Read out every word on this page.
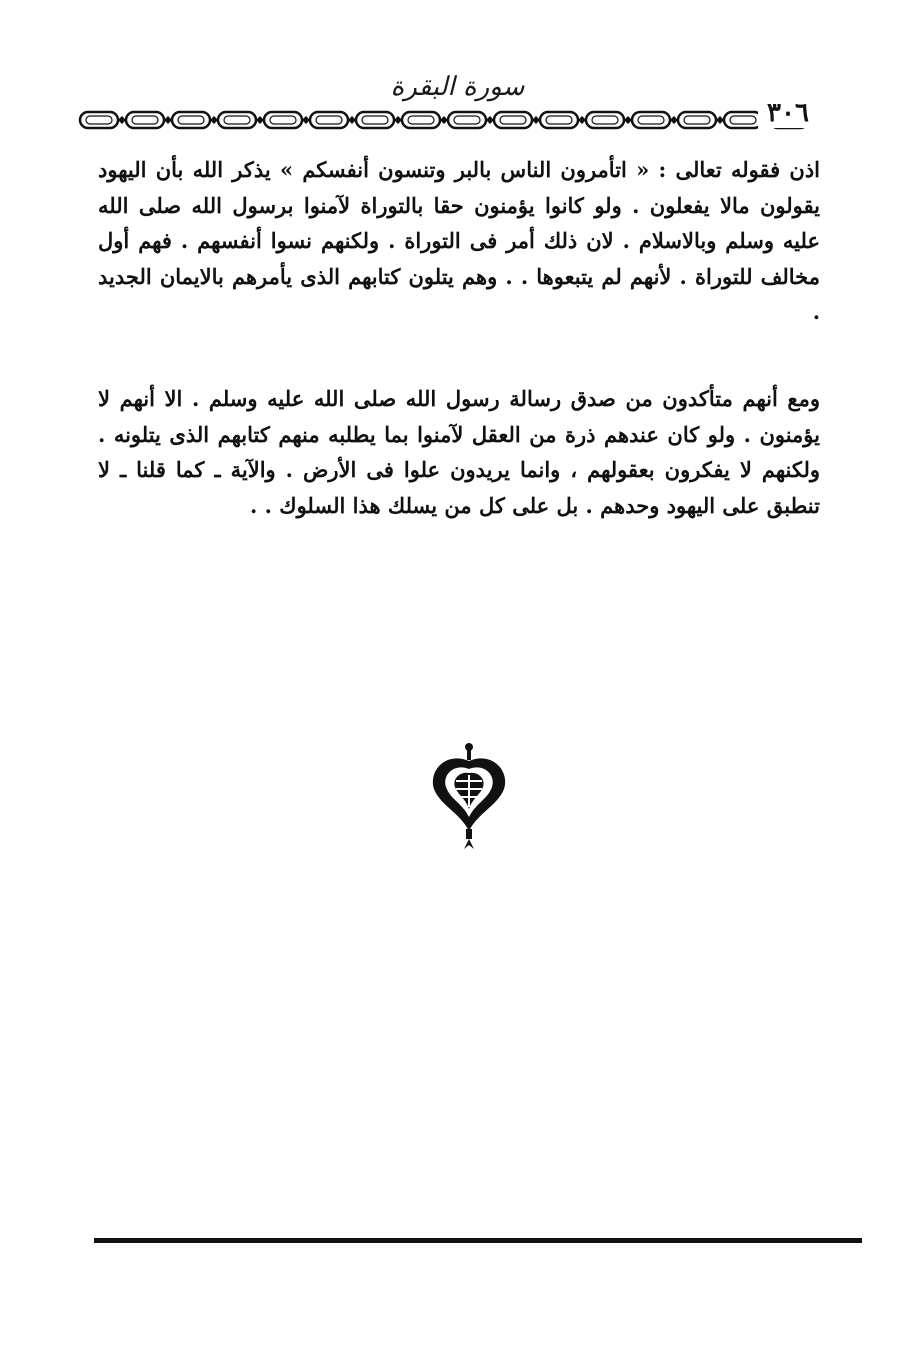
سورة البقرة
٣٠٦
اذن فقوله تعالى : « اتأمرون الناس بالبر وتنسون أنفسكم » يذكر الله بأن اليهود يقولون مالا يفعلون . ولو كانوا يؤمنون حقا بالتوراة لآمنوا برسول الله صلى الله عليه وسلم وبالاسلام . لان ذلك أمر فى التوراة . ولكنهم نسوا أنفسهم . فهم أول مخالف للتوراة . لأنهم لم يتبعوها . . وهم يتلون كتابهم الذى يأمرهم بالايمان الجديد .
ومع أنهم متأكدون من صدق رسالة رسول الله صلى الله عليه وسلم . الا أنهم لا يؤمنون . ولو كان عندهم ذرة من العقل لآمنوا بما يطلبه منهم كتابهم الذى يتلونه . ولكنهم لا يفكرون بعقولهم ، وانما يريدون علوا فى الأرض . والآية ـ كما قلنا ـ لا تنطبق على اليهود وحدهم . بل على كل من يسلك هذا السلوك . .
